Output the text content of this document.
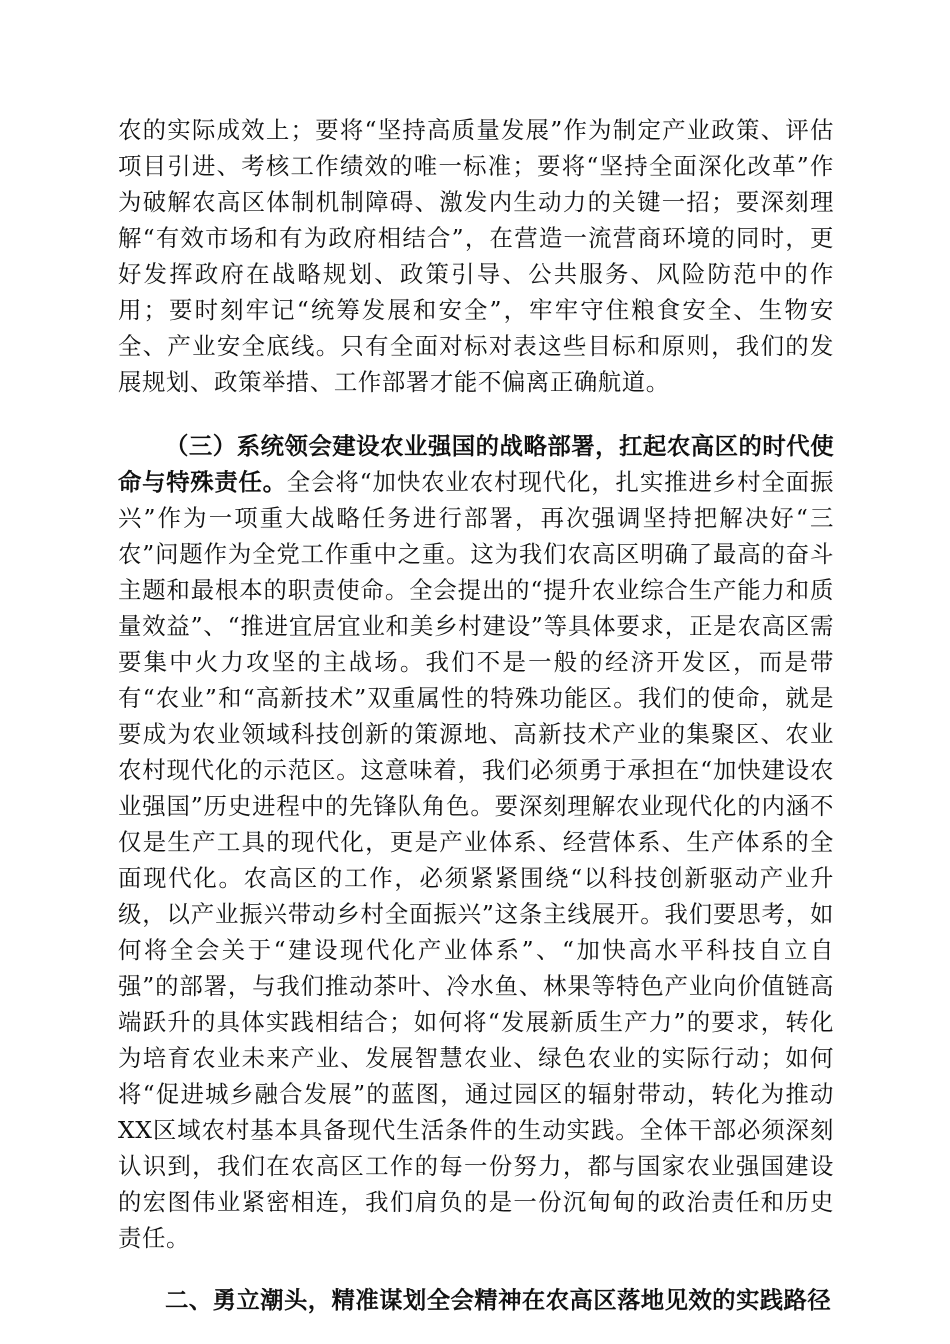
农的实际成效上；要将“坚持高质量发展”作为制定产业政策、评估项目引进、考核工作绩效的唯一标准；要将“坚持全面深化改革”作为破解农高区体制机制障碍、激发内生动力的关键一招；要深刻理解“有效市场和有为政府相结合”，在营造一流营商环境的同时，更好发挥政府在战略规划、政策引导、公共服务、风险防范中的作用；要时刻牢记“统筹发展和安全”，牢牢守住粮食安全、生物安全、产业安全底线。只有全面对标对表这些目标和原则，我们的发展规划、政策举措、工作部署才能不偏离正确航道。

（三）系统领会建设农业强国的战略部署，扛起农高区的时代使命与特殊责任。全会将“加快农业农村现代化，扎实推进乡村全面振兴”作为一项重大战略任务进行部署，再次强调坚持把解决好“三农”问题作为全党工作重中之重。这为我们农高区明确了最高的奋斗主题和最根本的职责使命。全会提出的“提升农业综合生产能力和质量效益”、“推进宜居宜业和美乡村建设”等具体要求，正是农高区需要集中火力攻坚的主战场。我们不是一般的经济开发区，而是带有“农业”和“高新技术”双重属性的特殊功能区。我们的使命，就是要成为农业领域科技创新的策源地、高新技术产业的集聚区、农业农村现代化的示范区。这意味着，我们必须勇于承担在“加快建设农业强国”历史进程中的先锋队角色。要深刻理解农业现代化的内涵不仅是生产工具的现代化，更是产业体系、经营体系、生产体系的全面现代化。农高区的工作，必须紧紧围绕“以科技创新驱动产业升级，以产业振兴带动乡村全面振兴”这条主线展开。我们要思考，如何将全会关于“建设现代化产业体系”、“加快高水平科技自立自强”的部署，与我们推动茶叶、冷水鱼、林果等特色产业向价值链高端跃升的具体实践相结合；如何将“发展新质生产力”的要求，转化为培育农业未来产业、发展智慧农业、绿色农业的实际行动；如何将“促进城乡融合发展”的蓝图，通过园区的辐射带动，转化为推动XX区域农村基本具备现代生活条件的生动实践。全体干部必须深刻认识到，我们在农高区工作的每一份努力，都与国家农业强国建设的宏图伟业紧密相连，我们肩负的是一份沉甸甸的政治责任和历史责任。

二、勇立潮头，精准谋划全会精神在农高区落地见效的实践路径
